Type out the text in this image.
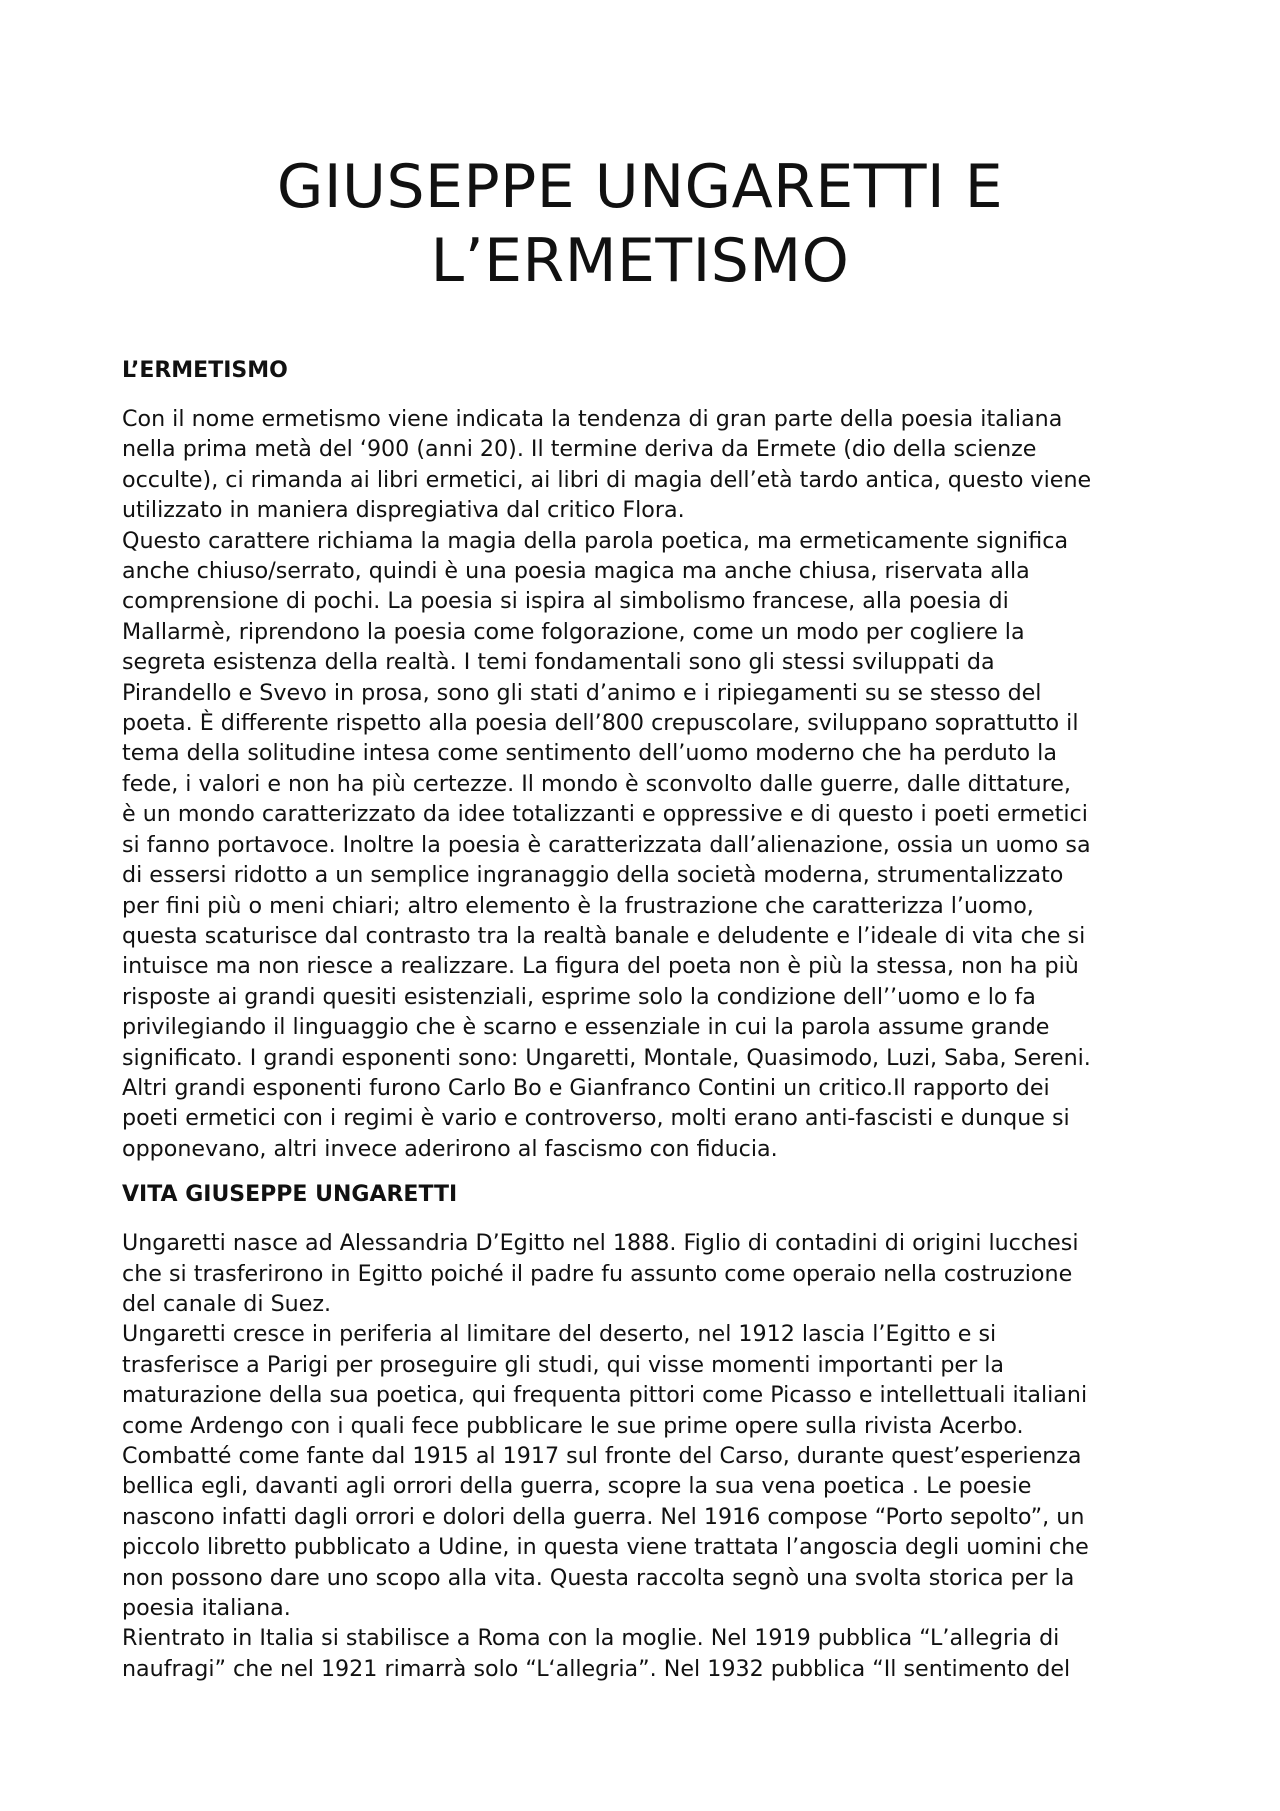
GIUSEPPE UNGARETTI E
L’ERMETISMO
L’ERMETISMO
Con il nome ermetismo viene indicata la tendenza di gran parte della poesia italiana
nella prima metà del ‘900 (anni 20). Il termine deriva da Ermete (dio della scienze
occulte), ci rimanda ai libri ermetici, ai libri di magia dell’età tardo antica, questo viene
utilizzato in maniera dispregiativa dal critico Flora.
Questo carattere richiama la magia della parola poetica, ma ermeticamente significa
anche chiuso/serrato, quindi è una poesia magica ma anche chiusa, riservata alla
comprensione di pochi. La poesia si ispira al simbolismo francese, alla poesia di
Mallarmè, riprendono la poesia come folgorazione, come un modo per cogliere la
segreta esistenza della realtà. I temi fondamentali sono gli stessi sviluppati da
Pirandello e Svevo in prosa, sono gli stati d’animo e i ripiegamenti su se stesso del
poeta. È differente rispetto alla poesia dell’800 crepuscolare, sviluppano soprattutto il
tema della solitudine intesa come sentimento dell’uomo moderno che ha perduto la
fede, i valori e non ha più certezze. Il mondo è sconvolto dalle guerre, dalle dittature,
è un mondo caratterizzato da idee totalizzanti e oppressive e di questo i poeti ermetici
si fanno portavoce. Inoltre la poesia è caratterizzata dall’alienazione, ossia un uomo sa
di essersi ridotto a un semplice ingranaggio della società moderna, strumentalizzato
per fini più o meni chiari; altro elemento è la frustrazione che caratterizza l’uomo,
questa scaturisce dal contrasto tra la realtà banale e deludente e l’ideale di vita che si
intuisce ma non riesce a realizzare. La figura del poeta non è più la stessa, non ha più
risposte ai grandi quesiti esistenziali, esprime solo la condizione dell’’uomo e lo fa
privilegiando il linguaggio che è scarno e essenziale in cui la parola assume grande
significato. I grandi esponenti sono: Ungaretti, Montale, Quasimodo, Luzi, Saba, Sereni.
Altri grandi esponenti furono Carlo Bo e Gianfranco Contini un critico.Il rapporto dei
poeti ermetici con i regimi è vario e controverso, molti erano anti-fascisti e dunque si
opponevano, altri invece aderirono al fascismo con fiducia.
VITA GIUSEPPE UNGARETTI
Ungaretti nasce ad Alessandria D’Egitto nel 1888. Figlio di contadini di origini lucchesi
che si trasferirono in Egitto poiché il padre fu assunto come operaio nella costruzione
del canale di Suez.
Ungaretti cresce in periferia al limitare del deserto, nel 1912 lascia l’Egitto e si
trasferisce a Parigi per proseguire gli studi, qui visse momenti importanti per la
maturazione della sua poetica, qui frequenta pittori come Picasso e intellettuali italiani
come Ardengo con i quali fece pubblicare le sue prime opere sulla rivista Acerbo.
Combatté come fante dal 1915 al 1917 sul fronte del Carso, durante quest’esperienza
bellica egli, davanti agli orrori della guerra, scopre la sua vena poetica . Le poesie
nascono infatti dagli orrori e dolori della guerra. Nel 1916 compose “Porto sepolto”, un
piccolo libretto pubblicato a Udine, in questa viene trattata l’angoscia degli uomini che
non possono dare uno scopo alla vita. Questa raccolta segnò una svolta storica per la
poesia italiana.
Rientrato in Italia si stabilisce a Roma con la moglie. Nel 1919 pubblica “L’allegria di
naufragi” che nel 1921 rimarrà solo “L‘allegria”. Nel 1932 pubblica “Il sentimento del
